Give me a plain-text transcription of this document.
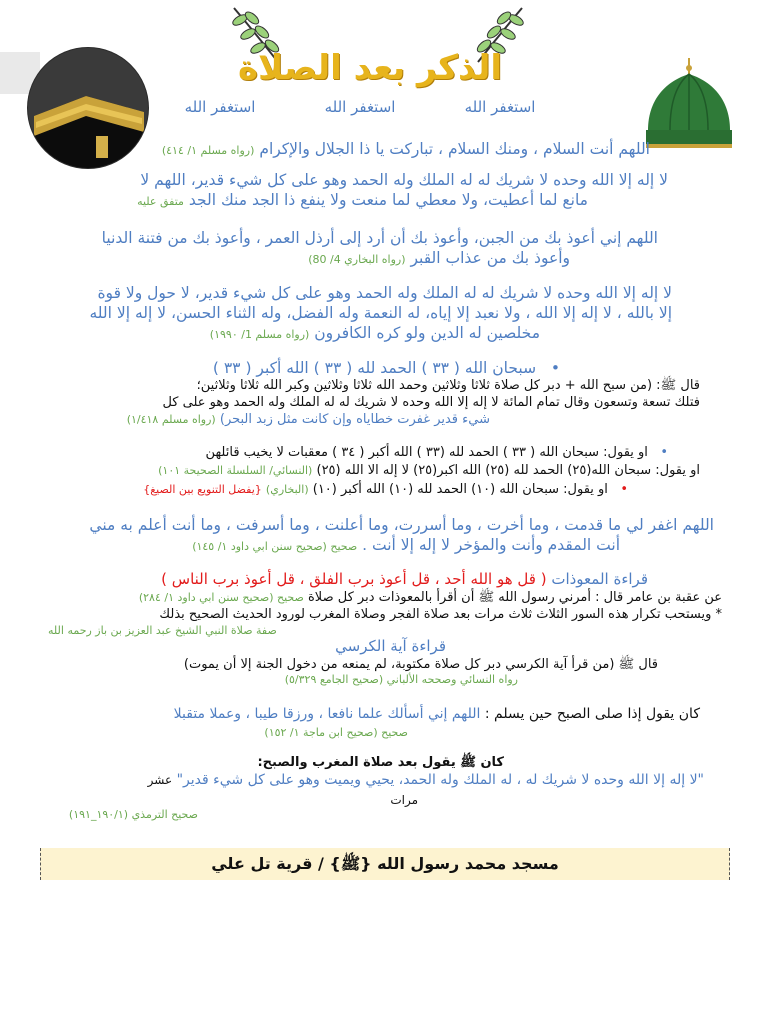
الذكر بعد الصلاة
استغفر الله
استغفر الله
استغفر الله
اللهم أنت السلام ، ومنك السلام ، تباركت يا ذا الجلال والإكرام (رواه مسلم ١/ ٤١٤)
لا إله إلا الله وحده لا شريك له له الملك وله الحمد وهو على كل شيء قدير، اللهم لا
مانع لما أعطيت، ولا معطي لما منعت ولا ينفع ذا الجد منك الجد متفق عليه
اللهم إني أعوذ بك من الجبن، وأعوذ بك أن أرد إلى أرذل العمر ، وأعوذ بك من فتنة الدنيا
وأعوذ بك من عذاب القبر (رواه البخاري 4/ 80)
لا إله إلا الله وحده لا شريك له له الملك وله الحمد وهو على كل شيء قدير، لا حول ولا قوة
إلا بالله ، لا إله إلا الله ، ولا نعبد إلا إياه، له النعمة وله الفضل، وله الثناء الحسن، لا إله إلا الله
مخلصين له الدين ولو كره الكافرون (رواه مسلم 1/ ١٩٩٠)
•   سبحان الله ( ٣٣ ) الحمد لله ( ٣٣ ) الله أكبر ( ٣٣ )
قال ﷺ: (من سبح الله + دبر كل صلاة ثلاثا وثلاثين وحمد الله ثلاثا وثلاثين وكبر الله ثلاثا وثلاثين؛
فتلك تسعة وتسعون وقال تمام المائة لا إله إلا الله وحده لا شريك له له الملك وله الحمد وهو على كل
شيء قدير غفرت خطاياه وإن كانت مثل زبد البحر) (رواه مسلم ١/٤١٨)
•   او يقول: سبحان الله ( ٣٣ ) الحمد لله (٣٣ ) الله أكبر ( ٣٤ ) معقبات لا يخيب قائلهن
او يقول: سبحان الله(٢٥) الحمد لله (٢٥) الله اكبر(٢٥) لا إله الا الله (٢٥) (النسائي/ السلسلة الصحيحة ١٠١)
•   او يقول: سبحان الله (١٠) الحمد لله (١٠) الله أكبر (١٠) (البخاري) {يفضل التنويع بين الصيغ}
اللهم اغفر لي ما قدمت ، وما أخرت ، وما أسررت، وما أعلنت ، وما أسرفت ، وما أنت أعلم به مني
أنت المقدم وأنت والمؤخر لا إله إلا أنت . صحيح (صحيح سنن ابي داود ١/ ١٤٥)
قراءة المعوذات ( قل هو الله أحد ، قل أعوذ برب الفلق ، قل أعوذ برب الناس )
عن عقبة بن عامر قال : أمرني رسول الله ﷺ أن أقرأ بالمعوذات دبر كل صلاة صحيح (صحيح سنن ابي داود ١/ ٢٨٤)
* ويستحب تكرار هذه السور الثلاث ثلاث مرات بعد صلاة الفجر وصلاة المغرب لورود الحديث الصحيح بذلك
صفة صلاة النبي الشيخ عبد العزيز بن باز رحمه الله
قراءة آية الكرسي
قال ﷺ (من قرأ آية الكرسي دبر كل صلاة مكتوبة، لم يمنعه من دخول الجنة إلا أن يموت)
رواه النسائي وصححه الألباني (صحيح الجامع ٥/٣٢٩)
كان يقول إذا صلى الصبح حين يسلم : اللهم إني أسألك علما نافعا ، ورزقا طيبا ، وعملا متقبلا
صحيح (صحيح ابن ماجة ١/ ١٥٢)
كان ﷺ يقول بعد صلاة المغرب والصبح:
"لا إله إلا الله وحده لا شريك له ، له الملك وله الحمد، يحيي ويميت وهو على كل شيء قدير" عشر
مرات
صحيح الترمذي (١٩٠/١_١٩١)
مسجد محمد رسول الله {ﷺ} / قرية تل علي
